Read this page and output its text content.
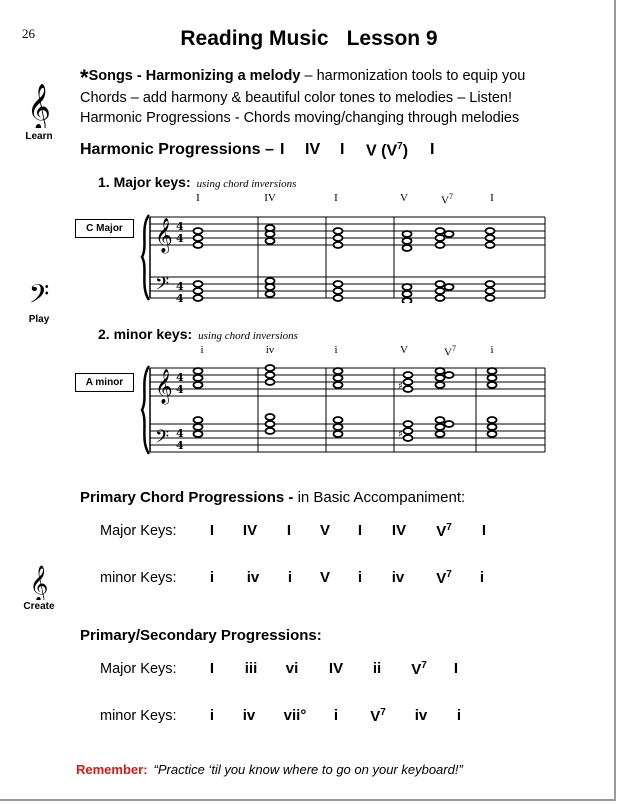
26	Reading Music Lesson 9
*Songs - Harmonizing a melody – harmonization tools to equip you
Chords – add harmony & beautiful color tones to melodies – Listen!
Harmonic Progressions - Chords moving/changing through melodies
𝄞
Learn
𝄢
Play
𝄞
Create
Harmonic Progressions – I IV I V $(V^7)$ I
1. Major keys: using chord inversions
I	IV	I	V	$V^7$	I
C Major	𝄞
𝄢
4
4
4
4
2. minor keys: using chord inversions
i	iv	i	V	$V^7$	i
A minor	𝄞
𝄢
4
4
4
4
♯
♯
Primary Chord Progressions - in Basic Accompaniment:
Major Keys:	I	IV	I	V	I	IV	$V^7$	I
minor Keys:	i	iv	i	V	i	iv	$V^7$	i
Primary/Secondary Progressions:
Major Keys:	I	iii	vi	IV	ii	$V^7$	I
minor Keys:	i	iv	vii°	i	$V^7$	iv	i
Remember: “Practice ‘til you know where to go on your keyboard!”
